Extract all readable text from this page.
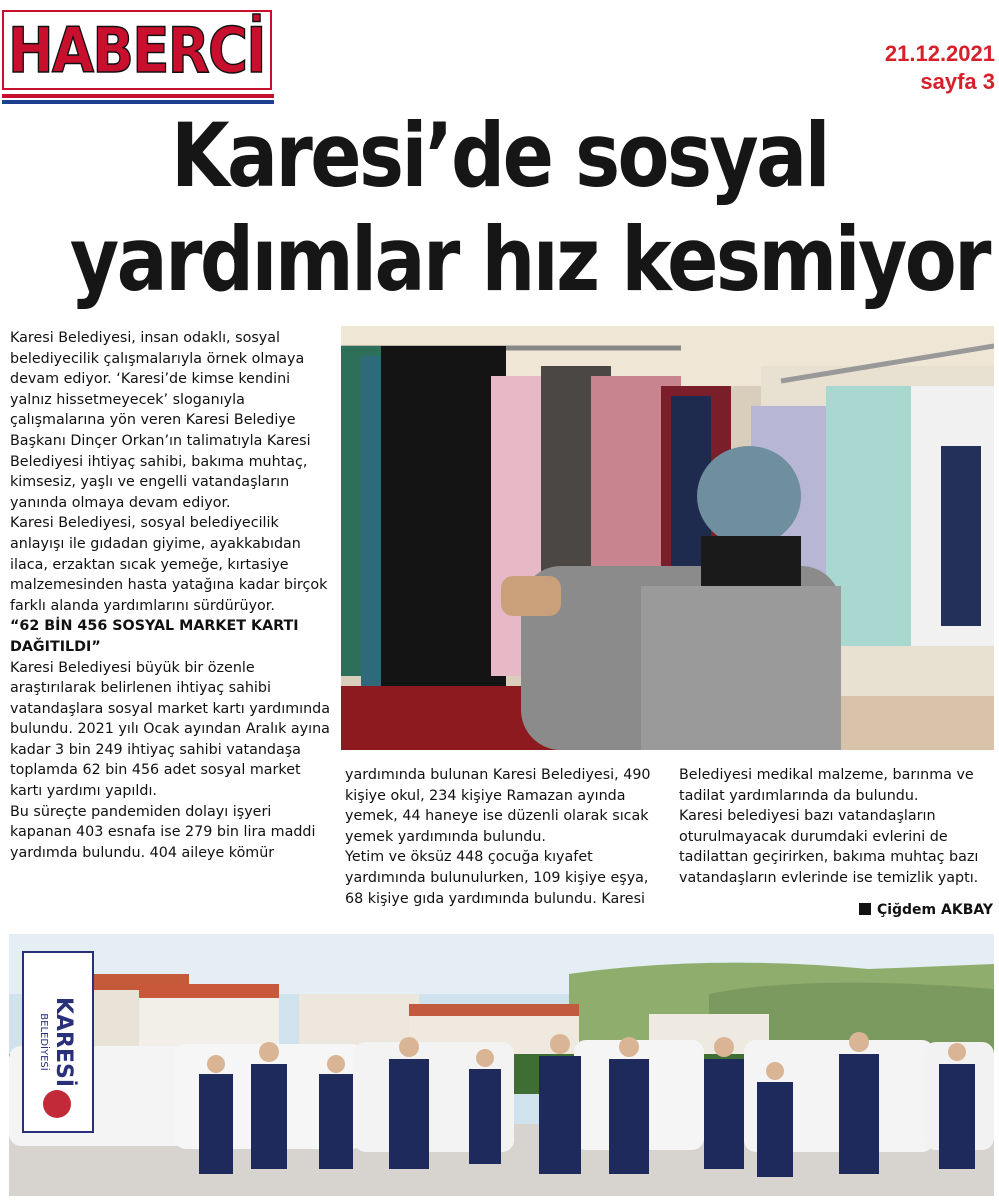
HABERCİ	21.12.2021
sayfa 3
Karesi’de sosyal
yardımlar hız kesmiyor

Karesi Belediyesi, insan odaklı, sosyal belediyecilik çalışmalarıyla örnek olmaya devam ediyor. ‘Karesi’de kimse kendini yalnız hissetmeyecek’ sloganıyla çalışmalarına yön veren Karesi Belediye Başkanı Dinçer Orkan’ın talimatıyla Karesi Belediyesi ihtiyaç sahibi, bakıma muhtaç, kimsesiz, yaşlı ve engelli vatandaşların yanında olmaya devam ediyor.

Karesi Belediyesi, sosyal belediyecilik anlayışı ile gıdadan giyime, ayakkabıdan ilaca, erzaktan sıcak yemeğe, kırtasiye malzemesinden hasta yatağına kadar birçok farklı alanda yardımlarını sürdürüyor.

“62 BİN 456 SOSYAL MARKET KARTI DAĞITILDI”

Karesi Belediyesi büyük bir özenle araştırılarak belirlenen ihtiyaç sahibi vatandaşlara sosyal market kartı yardımında bulundu. 2021 yılı Ocak ayından Aralık ayına kadar 3 bin 249 ihtiyaç sahibi vatandaşa toplamda 62 bin 456 adet sosyal market kartı yardımı yapıldı.

Bu süreçte pandemiden dolayı işyeri kapanan 403 esnafa ise 279 bin lira maddi yardımda bulundu. 404 aileye kömür

yardımında bulunan Karesi Belediyesi, 490 kişiye okul, 234 kişiye Ramazan ayında yemek, 44 haneye ise düzenli olarak sıcak yemek yardımında bulundu.

Yetim ve öksüz 448 çocuğa kıyafet yardımında bulunulurken, 109 kişiye eşya, 68 kişiye gıda yardımında bulundu. Karesi

Belediyesi medikal malzeme, barınma ve tadilat yardımlarında da bulundu.

Karesi belediyesi bazı vatandaşların oturulmayacak durumdaki evlerini de tadilattan geçirirken, bakıma muhtaç bazı vatandaşların evlerinde ise temizlik yaptı.

Çiğdem AKBAY
KARESİ
BELEDİYESİ
